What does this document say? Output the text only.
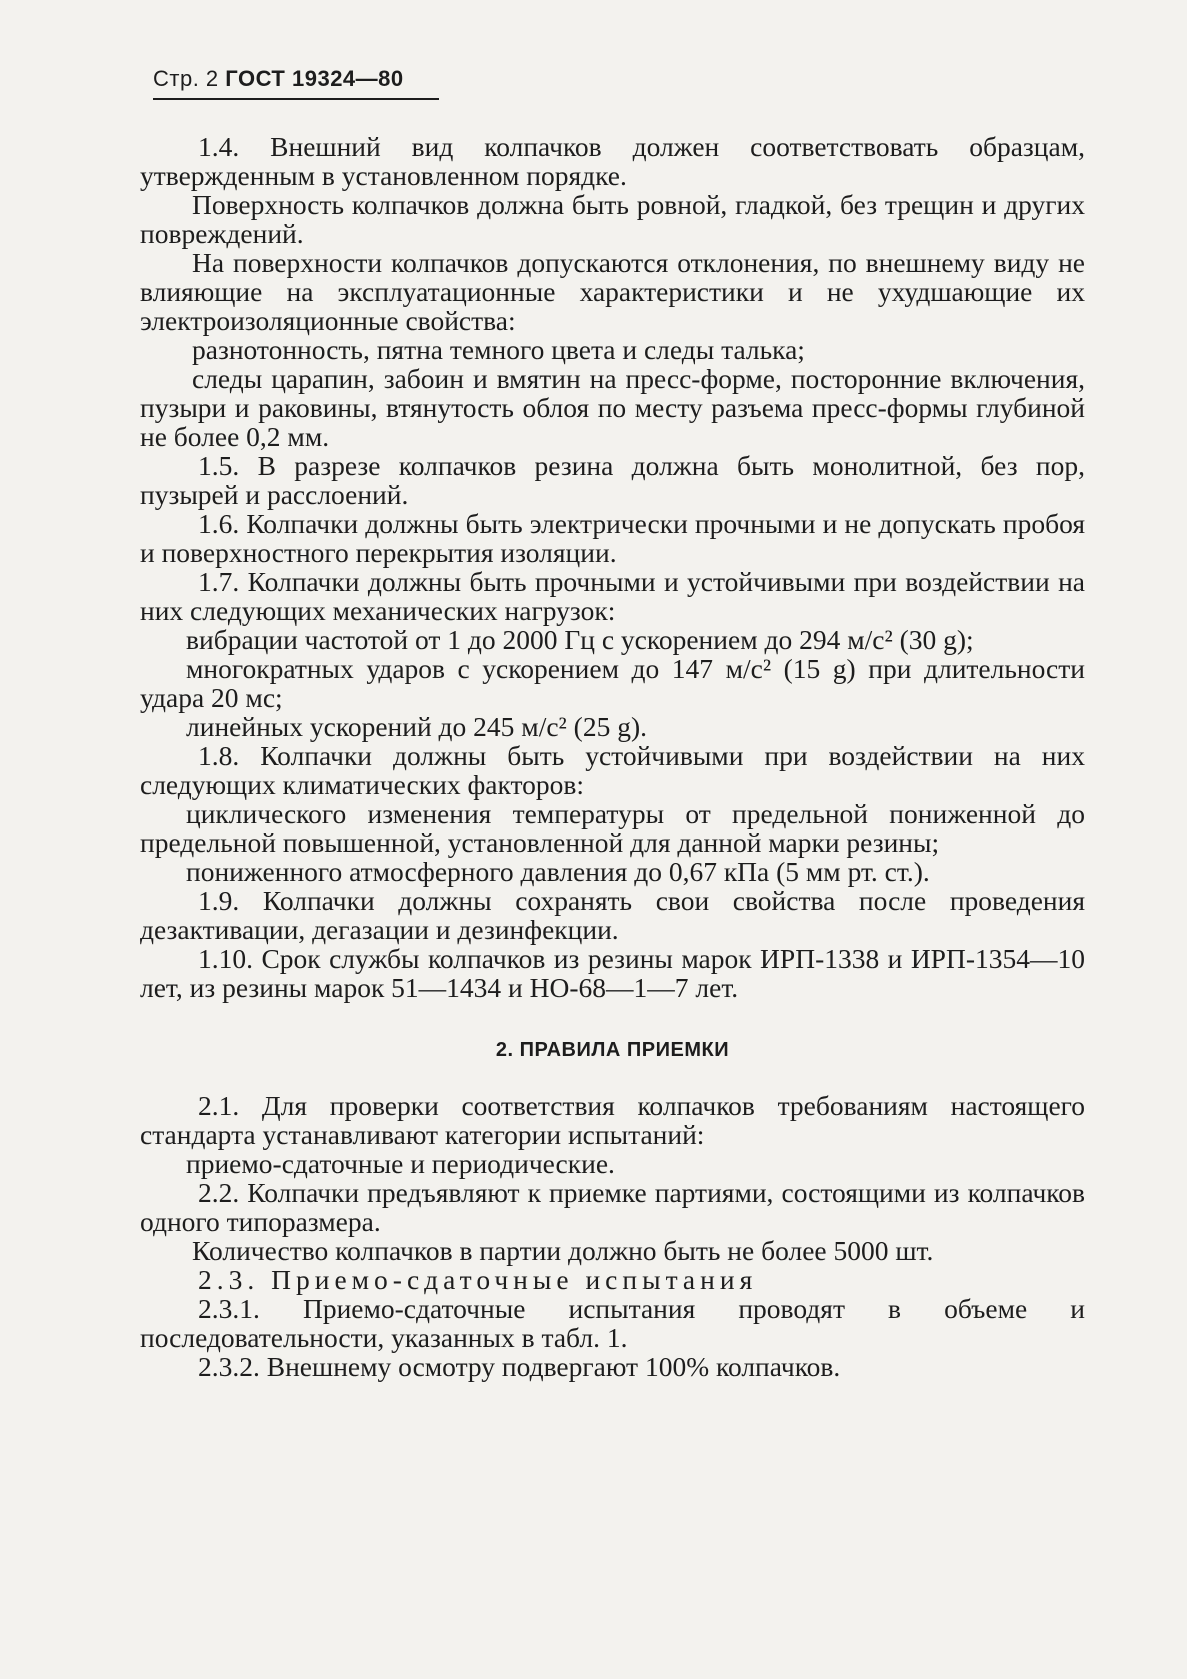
Стр. 2 ГОСТ 19324—80

1.4. Внешний вид колпачков должен соответствовать образцам, утвержденным в установленном порядке.

Поверхность колпачков должна быть ровной, гладкой, без трещин и других повреждений.

На поверхности колпачков допускаются отклонения, по внешнему виду не влияющие на эксплуатационные характеристики и не ухудшающие их электроизоляционные свойства:

разнотонность, пятна темного цвета и следы талька;

следы царапин, забоин и вмятин на пресс-форме, посторонние включения, пузыри и раковины, втянутость облоя по месту разъема пресс-формы глубиной не более 0,2 мм.

1.5. В разрезе колпачков резина должна быть монолитной, без пор, пузырей и расслоений.

1.6. Колпачки должны быть электрически прочными и не допускать пробоя и поверхностного перекрытия изоляции.

1.7. Колпачки должны быть прочными и устойчивыми при воздействии на них следующих механических нагрузок:

вибрации частотой от 1 до 2000 Гц с ускорением до 294 м/с² (30 g);

многократных ударов с ускорением до 147 м/с² (15 g) при длительности удара 20 мс;

линейных ускорений до 245 м/с² (25 g).

1.8. Колпачки должны быть устойчивыми при воздействии на них следующих климатических факторов:

циклического изменения температуры от предельной пониженной до предельной повышенной, установленной для данной марки резины;

пониженного атмосферного давления до 0,67 кПа (5 мм рт. ст.).

1.9. Колпачки должны сохранять свои свойства после проведения дезактивации, дегазации и дезинфекции.

1.10. Срок службы колпачков из резины марок ИРП-1338 и ИРП-1354—10 лет, из резины марок 51—1434 и НО-68—1—7 лет.

2. ПРАВИЛА ПРИЕМКИ

2.1. Для проверки соответствия колпачков требованиям настоящего стандарта устанавливают категории испытаний:

приемо-сдаточные и периодические.

2.2. Колпачки предъявляют к приемке партиями, состоящими из колпачков одного типоразмера.

Количество колпачков в партии должно быть не более 5000 шт.

2.3. Приемо-сдаточные испытания

2.3.1. Приемо-сдаточные испытания проводят в объеме и последовательности, указанных в табл. 1.

2.3.2. Внешнему осмотру подвергают 100% колпачков.
